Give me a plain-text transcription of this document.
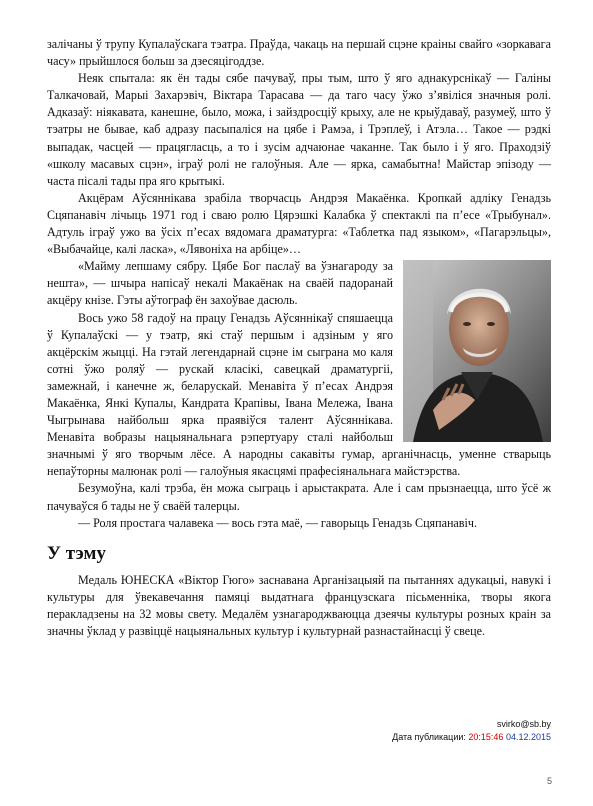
залічаны ў трупу Купалаўскага тэатра. Праўда, чакаць на першай сцэне краіны свайго «зоркавага часу» прыйшлося больш за дзесяцігоддзе.

Неяк спытала: як ён тады сябе пачуваў, пры тым, што ў яго аднакурснікаў — Галіны Талкачовай, Марыі Захарэвіч, Віктара Тарасава — да таго часу ўжо з’явіліся значныя ролі. Адказаў: ніякавата, канешне, было, можа, і зайздросціў крыху, але не крыўдаваў, разумеў, што ў тэатры не бывае, каб адразу пасыпаліся на цябе і Рамэа, і Трэплеў, і Атэла… Такое — рэдкі выпадак, часцей — працягласць, а то і зусім адчаюнае чаканне. Так было і ў яго. Праходзіў «школу масавых сцэн», іграў ролі не галоўныя. Але — ярка, самабытна! Майстар эпізоду — часта пісалі тады пра яго крытыкі.

Акцёрам Аўсяннікава зрабіла творчасць Андрэя Макаёнка. Кропкай адліку Генадзь Сцяпанавіч лічыць 1971 год і сваю ролю Цярэшкі Калабка ў спектаклі па п’есе «Трыбунал». Адтуль іграў ужо ва ўсіх п’есах вядомага драматурга: «Таблетка пад языком», «Пагарэльцы», «Выбачайце, калі ласка», «Лявоніха на арбіце»…

«Майму лепшаму сябру. Цябе Бог паслаў ва ўзнагароду за нешта», — шчыра напісаў некалі Макаёнак на сваёй падоранай акцёру кнізе. Гэты аўтограф ён захоўвае дасюль.

Вось ужо 58 гадоў на працу Генадзь Аўсяннікаў спяшаецца ў Купалаўскі — у тэатр, які стаў першым і адзіным у яго акцёрскім жыцці. На гэтай легендарнай сцэне ім сыграна мо каля сотні ўжо роляў — рускай класікі, савецкай драматургіі, замежнай, і канечне ж, беларускай. Менавіта ў п’есах Андрэя Макаёнка, Янкі Купалы, Кандрата Крапівы, Івана Мележа, Івана Чыгрынава найбольш ярка праявіўся талент Аўсяннікава. Менавіта вобразы нацыянальнага рэпертуару сталі найбольш значнымі ў яго творчым лёсе. А народны сакавіты гумар, арганічнасць, уменне стварыць непаўторны малюнак ролі — галоўныя якасцямі прафесіянальнага майстэрства.

Безумоўна, калі трэба, ён можа сыграць і арыстакрата. Але і сам прызнаецца, што ўсё ж пачуваўся б тады не ў сваёй талерцы.

— Роля простага чалавека — вось гэта маё, — гаворыць Генадзь Сцяпанавіч.

У тэму

Медаль ЮНЕСКА «Віктор Гюго» заснавана Арганізацыяй па пытаннях адукацыі, навукі і культуры для ўвекавечання памяці выдатнага французскага пісьменніка, творы якога перакладзены на 32 мовы свету. Медалём узнагароджваюцца дзеячы культуры розных краін за значны ўклад у развіццё нацыянальных культур і культурнай разнастайнасці ў свеце.

svirko@sb.by
Дата публикации: 20:15:46 04.12.2015
5
